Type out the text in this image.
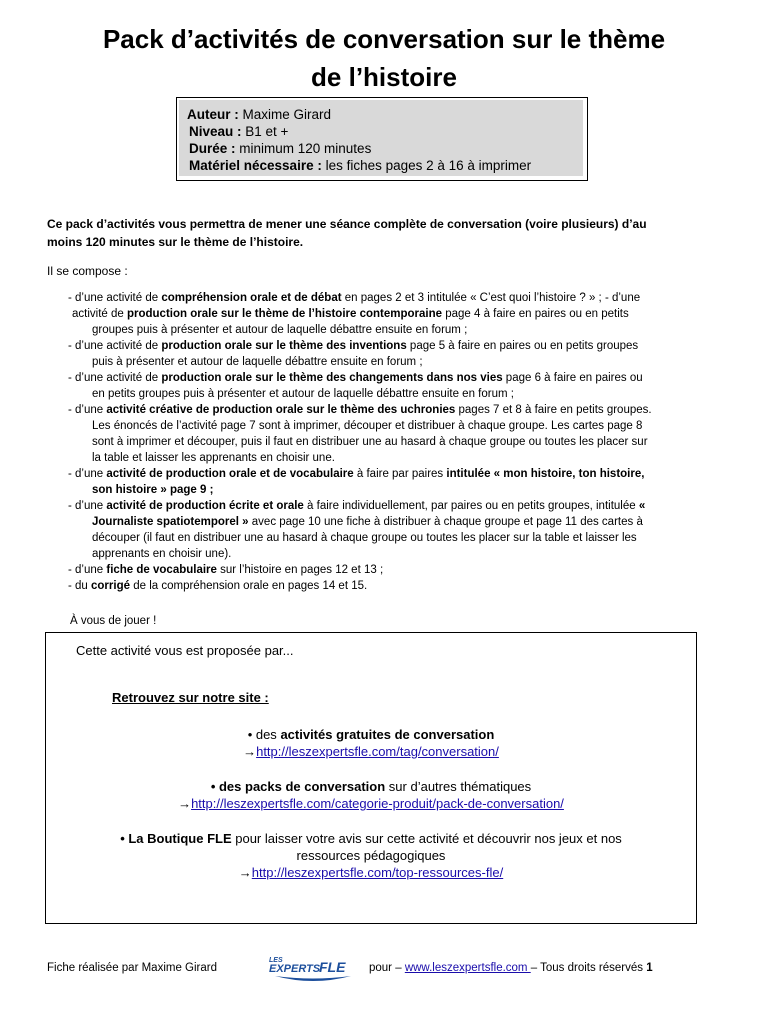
Pack d’activités de conversation sur le thème
de l’histoire
Auteur : Maxime Girard
Niveau : B1 et +
Durée : minimum 120 minutes
Matériel nécessaire : les fiches pages 2 à 16 à imprimer

Ce pack d’activités vous permettra de mener une séance complète de conversation (voire plusieurs) d’au
moins 120 minutes sur le thème de l’histoire.

Il se compose :

- d’une activité de compréhension orale et de débat en pages 2 et 3 intitulée « C’est quoi l’histoire ? » ; - d’une
activité de production orale sur le thème de l’histoire contemporaine page 4 à faire en paires ou en petits

groupes puis à présenter et autour de laquelle débattre ensuite en forum ;

- d’une activité de production orale sur le thème des inventions page 5 à faire en paires ou en petits groupes
puis à présenter et autour de laquelle débattre ensuite en forum ;

- d’une activité de production orale sur le thème des changements dans nos vies page 6 à faire en paires ou
en petits groupes puis à présenter et autour de laquelle débattre ensuite en forum ;

- d’une activité créative de production orale sur le thème des uchronies pages 7 et 8 à faire en petits groupes.
Les énoncés de l’activité page 7 sont à imprimer, découper et distribuer à chaque groupe. Les cartes page 8
sont à imprimer et découper, puis il faut en distribuer une au hasard à chaque groupe ou toutes les placer sur
la table et laisser les apprenants en choisir une.

- d’une activité de production orale et de vocabulaire à faire par paires intitulée « mon histoire, ton histoire,
son histoire » page 9 ;

- d’une activité de production écrite et orale à faire individuellement, par paires ou en petits groupes, intitulée «
Journaliste spatiotemporel » avec page 10 une fiche à distribuer à chaque groupe et page 11 des cartes à
découper (il faut en distribuer une au hasard à chaque groupe ou toutes les placer sur la table et laisser les
apprenants en choisir une).

- d’une fiche de vocabulaire sur l’histoire en pages 12 et 13 ;

- du corrigé de la compréhension orale en pages 14 et 15.

À vous de jouer !
Cette activité vous est proposée par...
Retrouvez sur notre site :
• des activités gratuites de conversation
→http://leszexpertsfle.com/tag/conversation/
• des packs de conversation sur d’autres thématiques
→http://leszexpertsfle.com/categorie-produit/pack-de-conversation/
• La Boutique FLE pour laisser votre avis sur cette activité et découvrir nos jeux et nos
ressources pédagogiques
→http://leszexpertsfle.com/top-ressources-fle/
Fiche réalisée par Maxime Girard
LES
EXPERTS
FLE pour – www.leszexpertsfle.com – Tous droits réservés 1
